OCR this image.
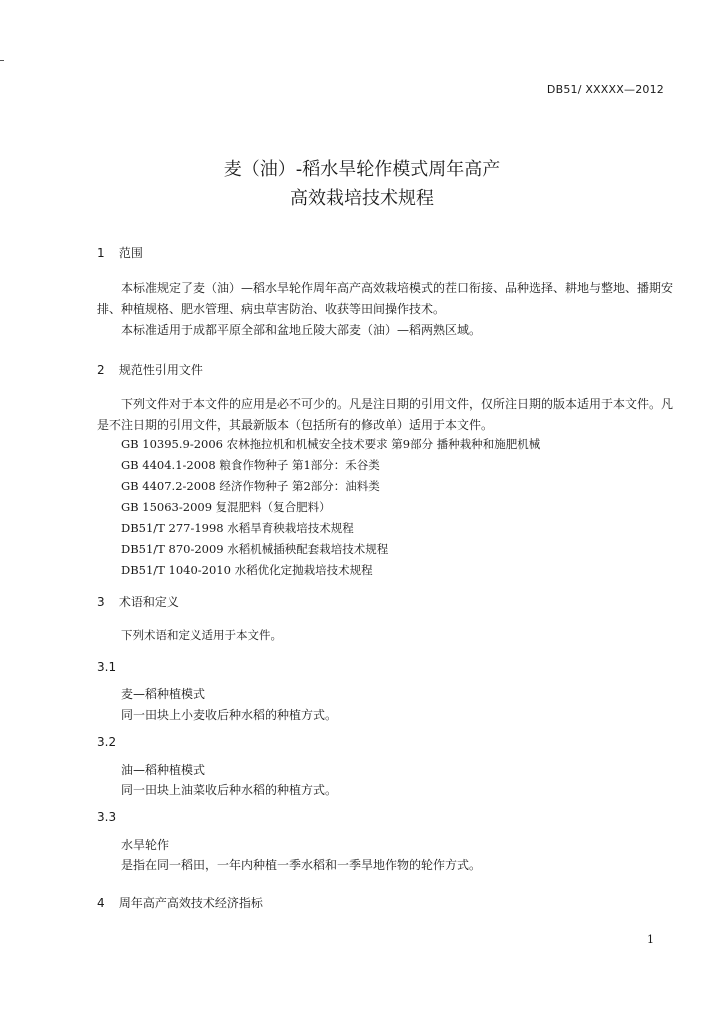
DB51/ XXXXX—2012
麦（油）-稻水旱轮作模式周年高产
高效栽培技术规程
1 范围
本标准规定了麦（油）—稻水旱轮作周年高产高效栽培模式的茬口衔接、品种选择、耕地与整地、播期安排、种植规格、肥水管理、病虫草害防治、收获等田间操作技术。
本标准适用于成都平原全部和盆地丘陵大部麦（油）—稻两熟区域。
2 规范性引用文件
下列文件对于本文件的应用是必不可少的。凡是注日期的引用文件，仅所注日期的版本适用于本文件。凡是不注日期的引用文件，其最新版本（包括所有的修改单）适用于本文件。
GB 10395.9-2006 农林拖拉机和机械安全技术要求 第9部分 播种栽种和施肥机械
GB 4404.1-2008 粮食作物种子 第1部分：禾谷类
GB 4407.2-2008 经济作物种子 第2部分：油料类
GB 15063-2009 复混肥料（复合肥料）
DB51/T 277-1998 水稻旱育秧栽培技术规程
DB51/T 870-2009 水稻机械插秧配套栽培技术规程
DB51/T 1040-2010 水稻优化定抛栽培技术规程
3 术语和定义
下列术语和定义适用于本文件。
3.1
麦—稻种植模式
同一田块上小麦收后种水稻的种植方式。
3.2
油—稻种植模式
同一田块上油菜收后种水稻的种植方式。
3.3
水旱轮作
是指在同一稻田，一年内种植一季水稻和一季旱地作物的轮作方式。
4 周年高产高效技术经济指标
1
